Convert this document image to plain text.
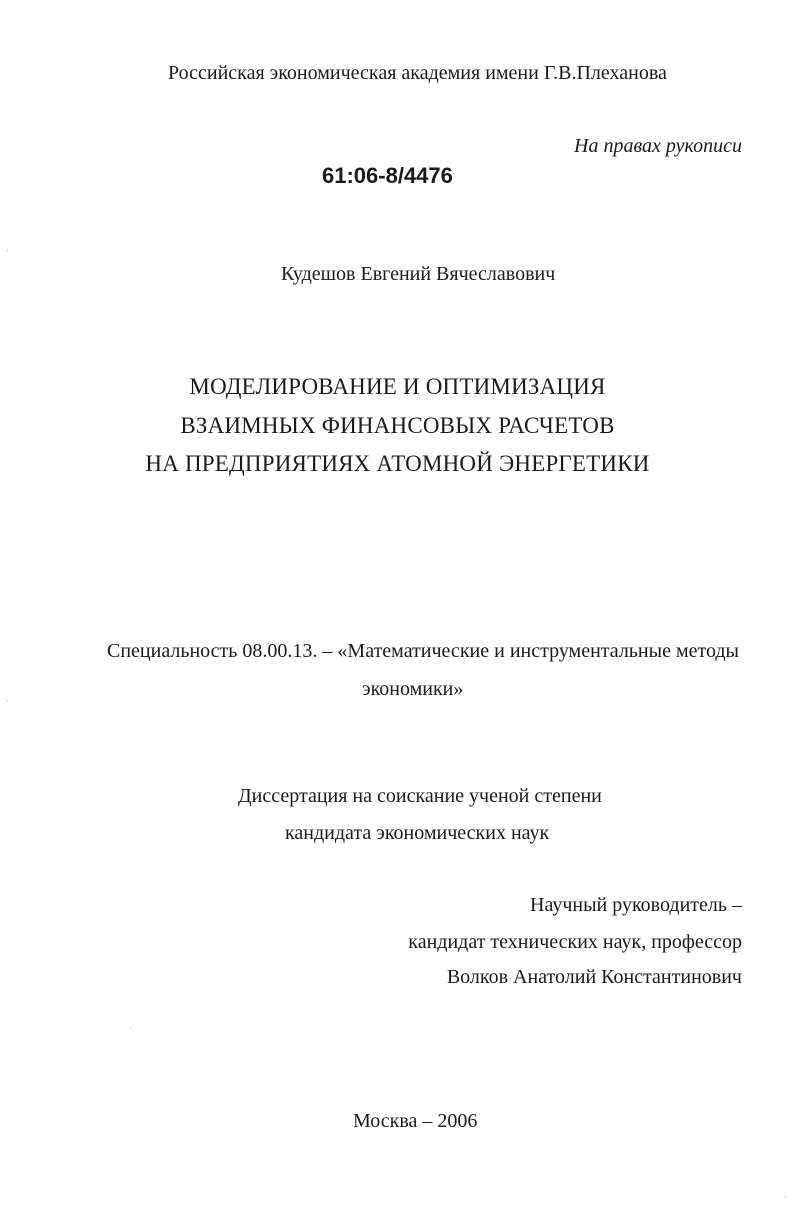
Российская экономическая академия имени Г.В.Плеханова
На правах рукописи
61:06-8/4476
Кудешов Евгений Вячеславович
МОДЕЛИРОВАНИЕ И ОПТИМИЗАЦИЯ
ВЗАИМНЫХ ФИНАНСОВЫХ РАСЧЕТОВ
НА ПРЕДПРИЯТИЯХ АТОМНОЙ ЭНЕРГЕТИКИ
Специальность 08.00.13. – «Математические и инструментальные методы
экономики»
Диссертация на соискание ученой степени
кандидата экономических наук
Научный руководитель –
кандидат технических наук, профессор
Волков Анатолий Константинович
Москва – 2006
